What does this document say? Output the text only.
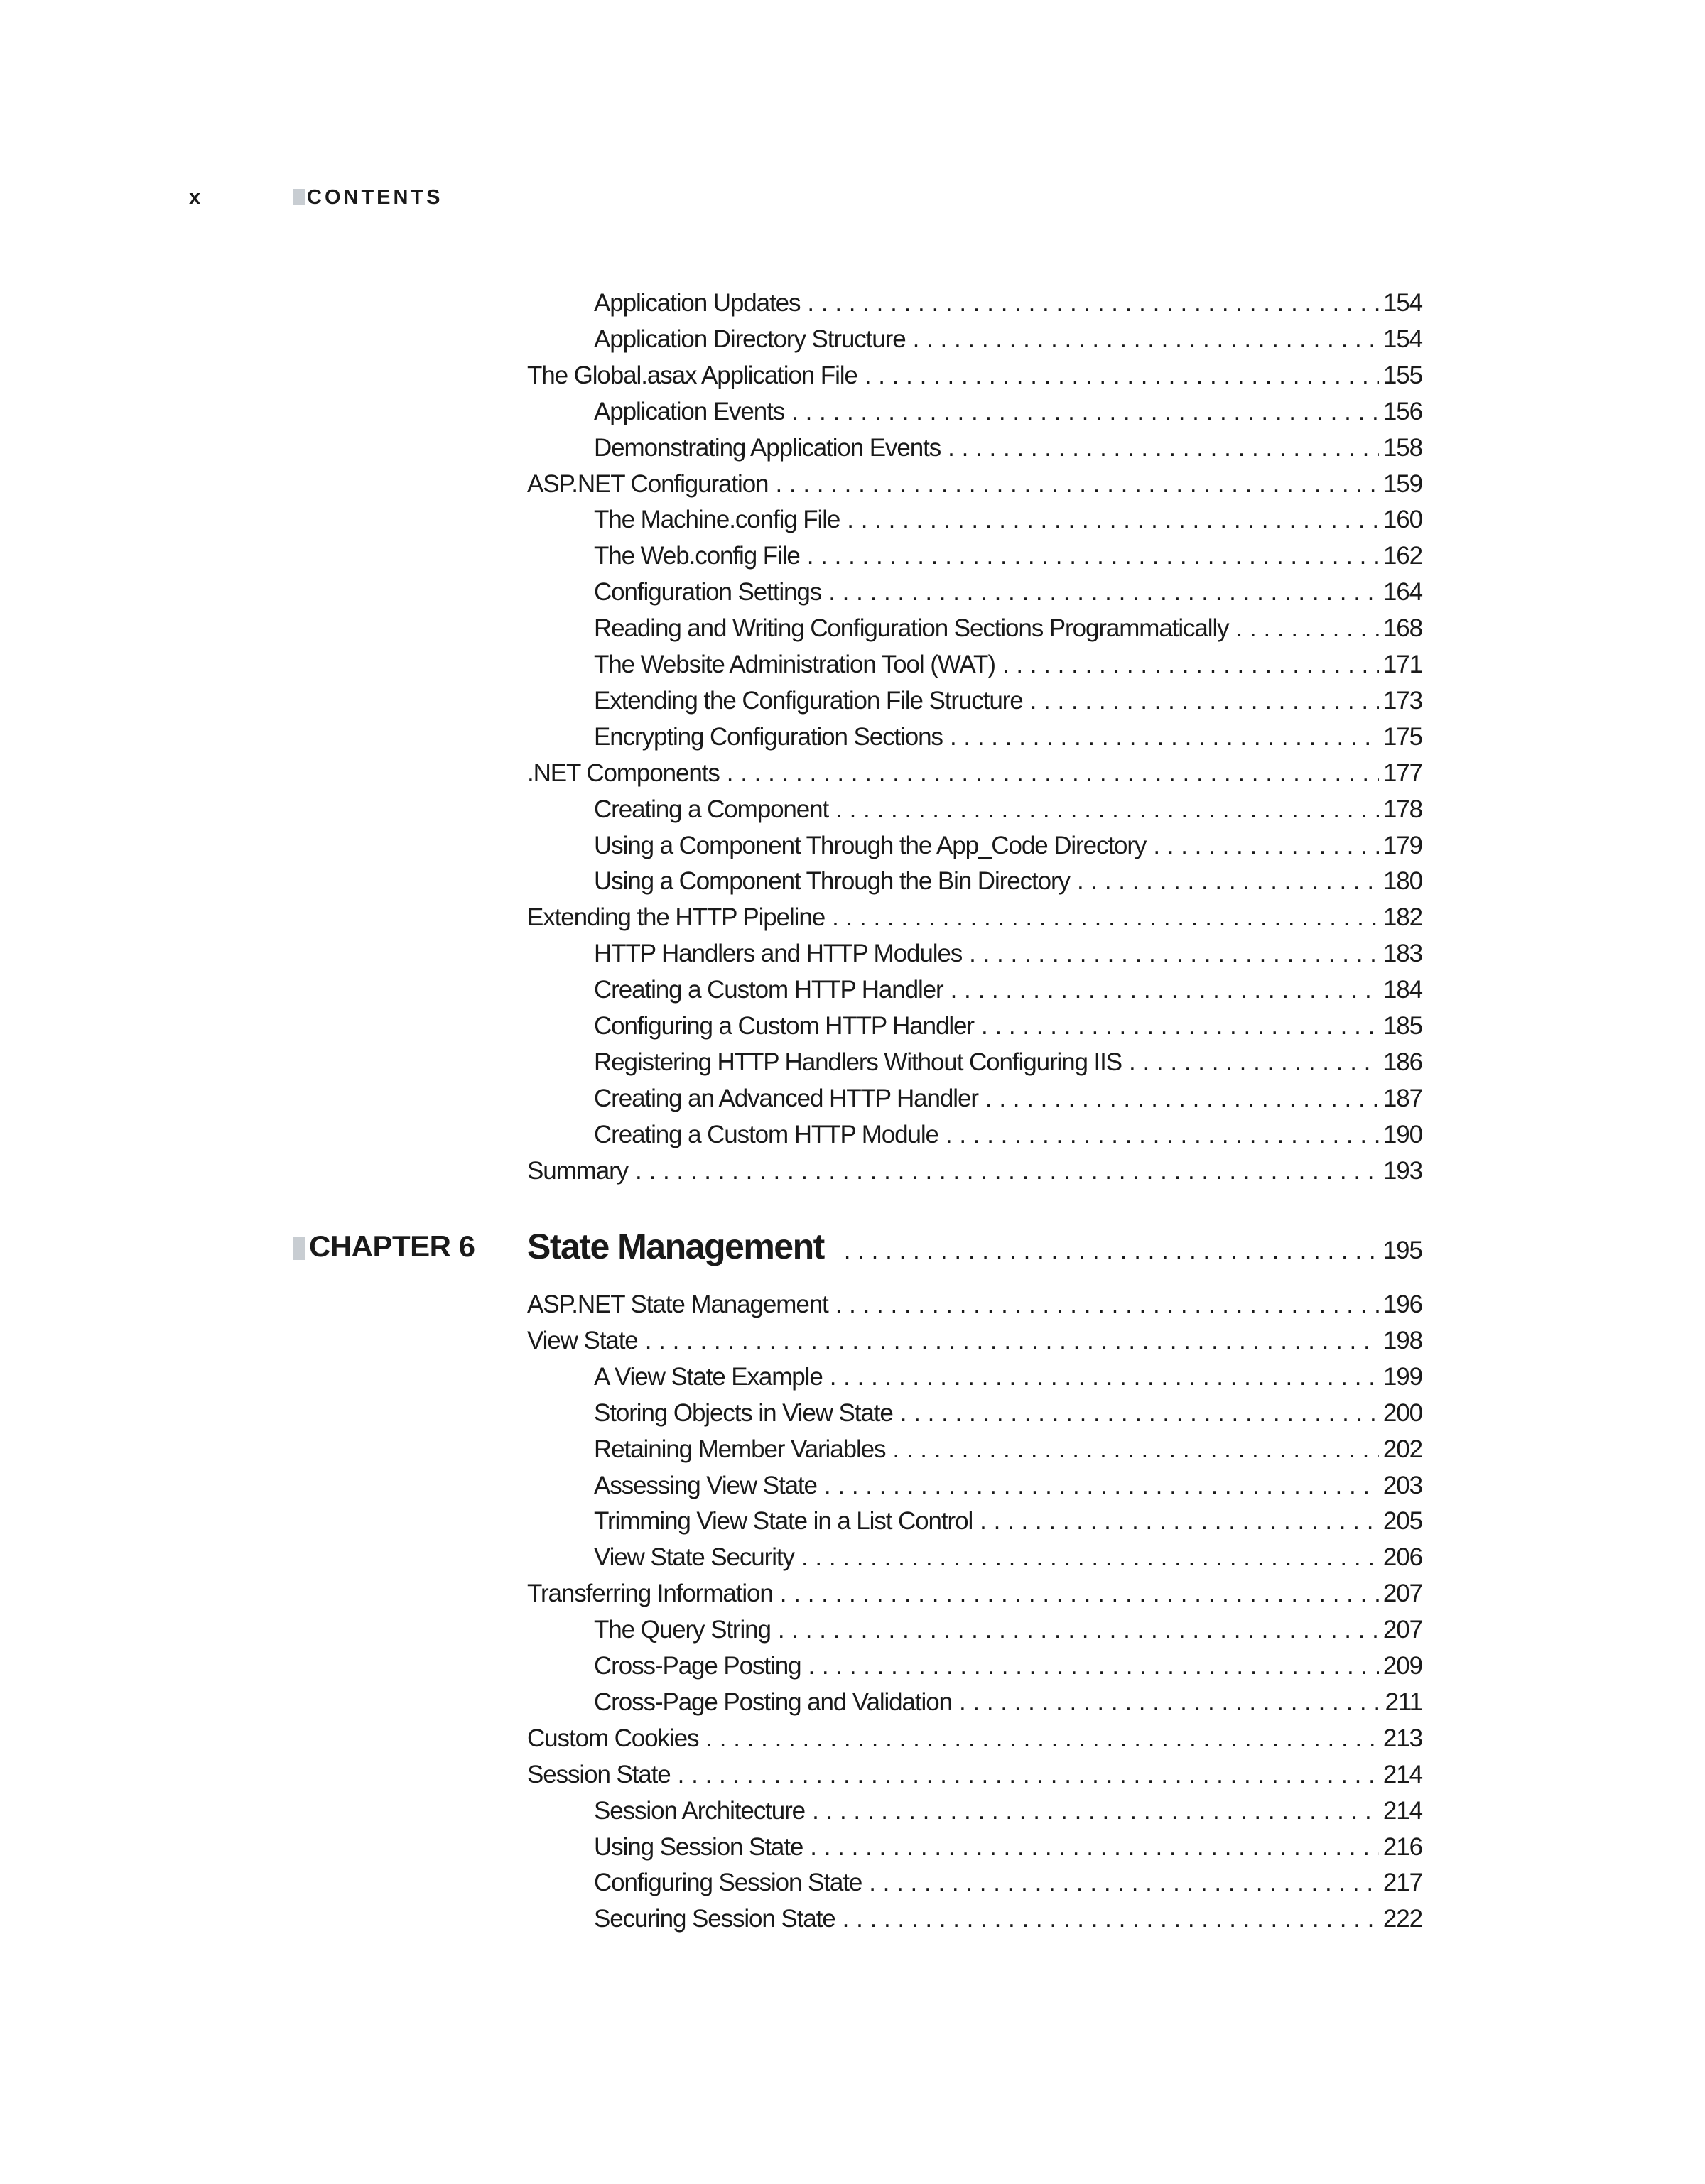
x	CONTENTS
Application Updates . . .	154
Application Directory Structure . . .	154
The Global.asax Application File . . .	155
Application Events . . .	156
Demonstrating Application Events . . .	158
ASP.NET Configuration . . .	159
The Machine.config File . . .	160
The Web.config File . . .	162
Configuration Settings . . .	164
Reading and Writing Configuration Sections Programmatically . . .	168
The Website Administration Tool (WAT) . . .	171
Extending the Configuration File Structure . . .	173
Encrypting Configuration Sections . . .	175
.NET Components . . .	177
Creating a Component . . .	178
Using a Component Through the App_Code Directory . . .	179
Using a Component Through the Bin Directory . . .	180
Extending the HTTP Pipeline . . .	182
HTTP Handlers and HTTP Modules . . .	183
Creating a Custom HTTP Handler . . .	184
Configuring a Custom HTTP Handler . . .	185
Registering HTTP Handlers Without Configuring IIS . . .	186
Creating an Advanced HTTP Handler . . .	187
Creating a Custom HTTP Module . . .	190
Summary . . .	193
CHAPTER 6 State Management . . .	195
ASP.NET State Management . . .	196
View State . . .	198
A View State Example . . .	199
Storing Objects in View State . . .	200
Retaining Member Variables . . .	202
Assessing View State . . .	203
Trimming View State in a List Control . . .	205
View State Security . . .	206
Transferring Information . . .	207
The Query String . . .	207
Cross-Page Posting . . .	209
Cross-Page Posting and Validation . . .	211
Custom Cookies . . .	213
Session State . . .	214
Session Architecture . . .	214
Using Session State . . .	216
Configuring Session State . . .	217
Securing Session State . . .	222
